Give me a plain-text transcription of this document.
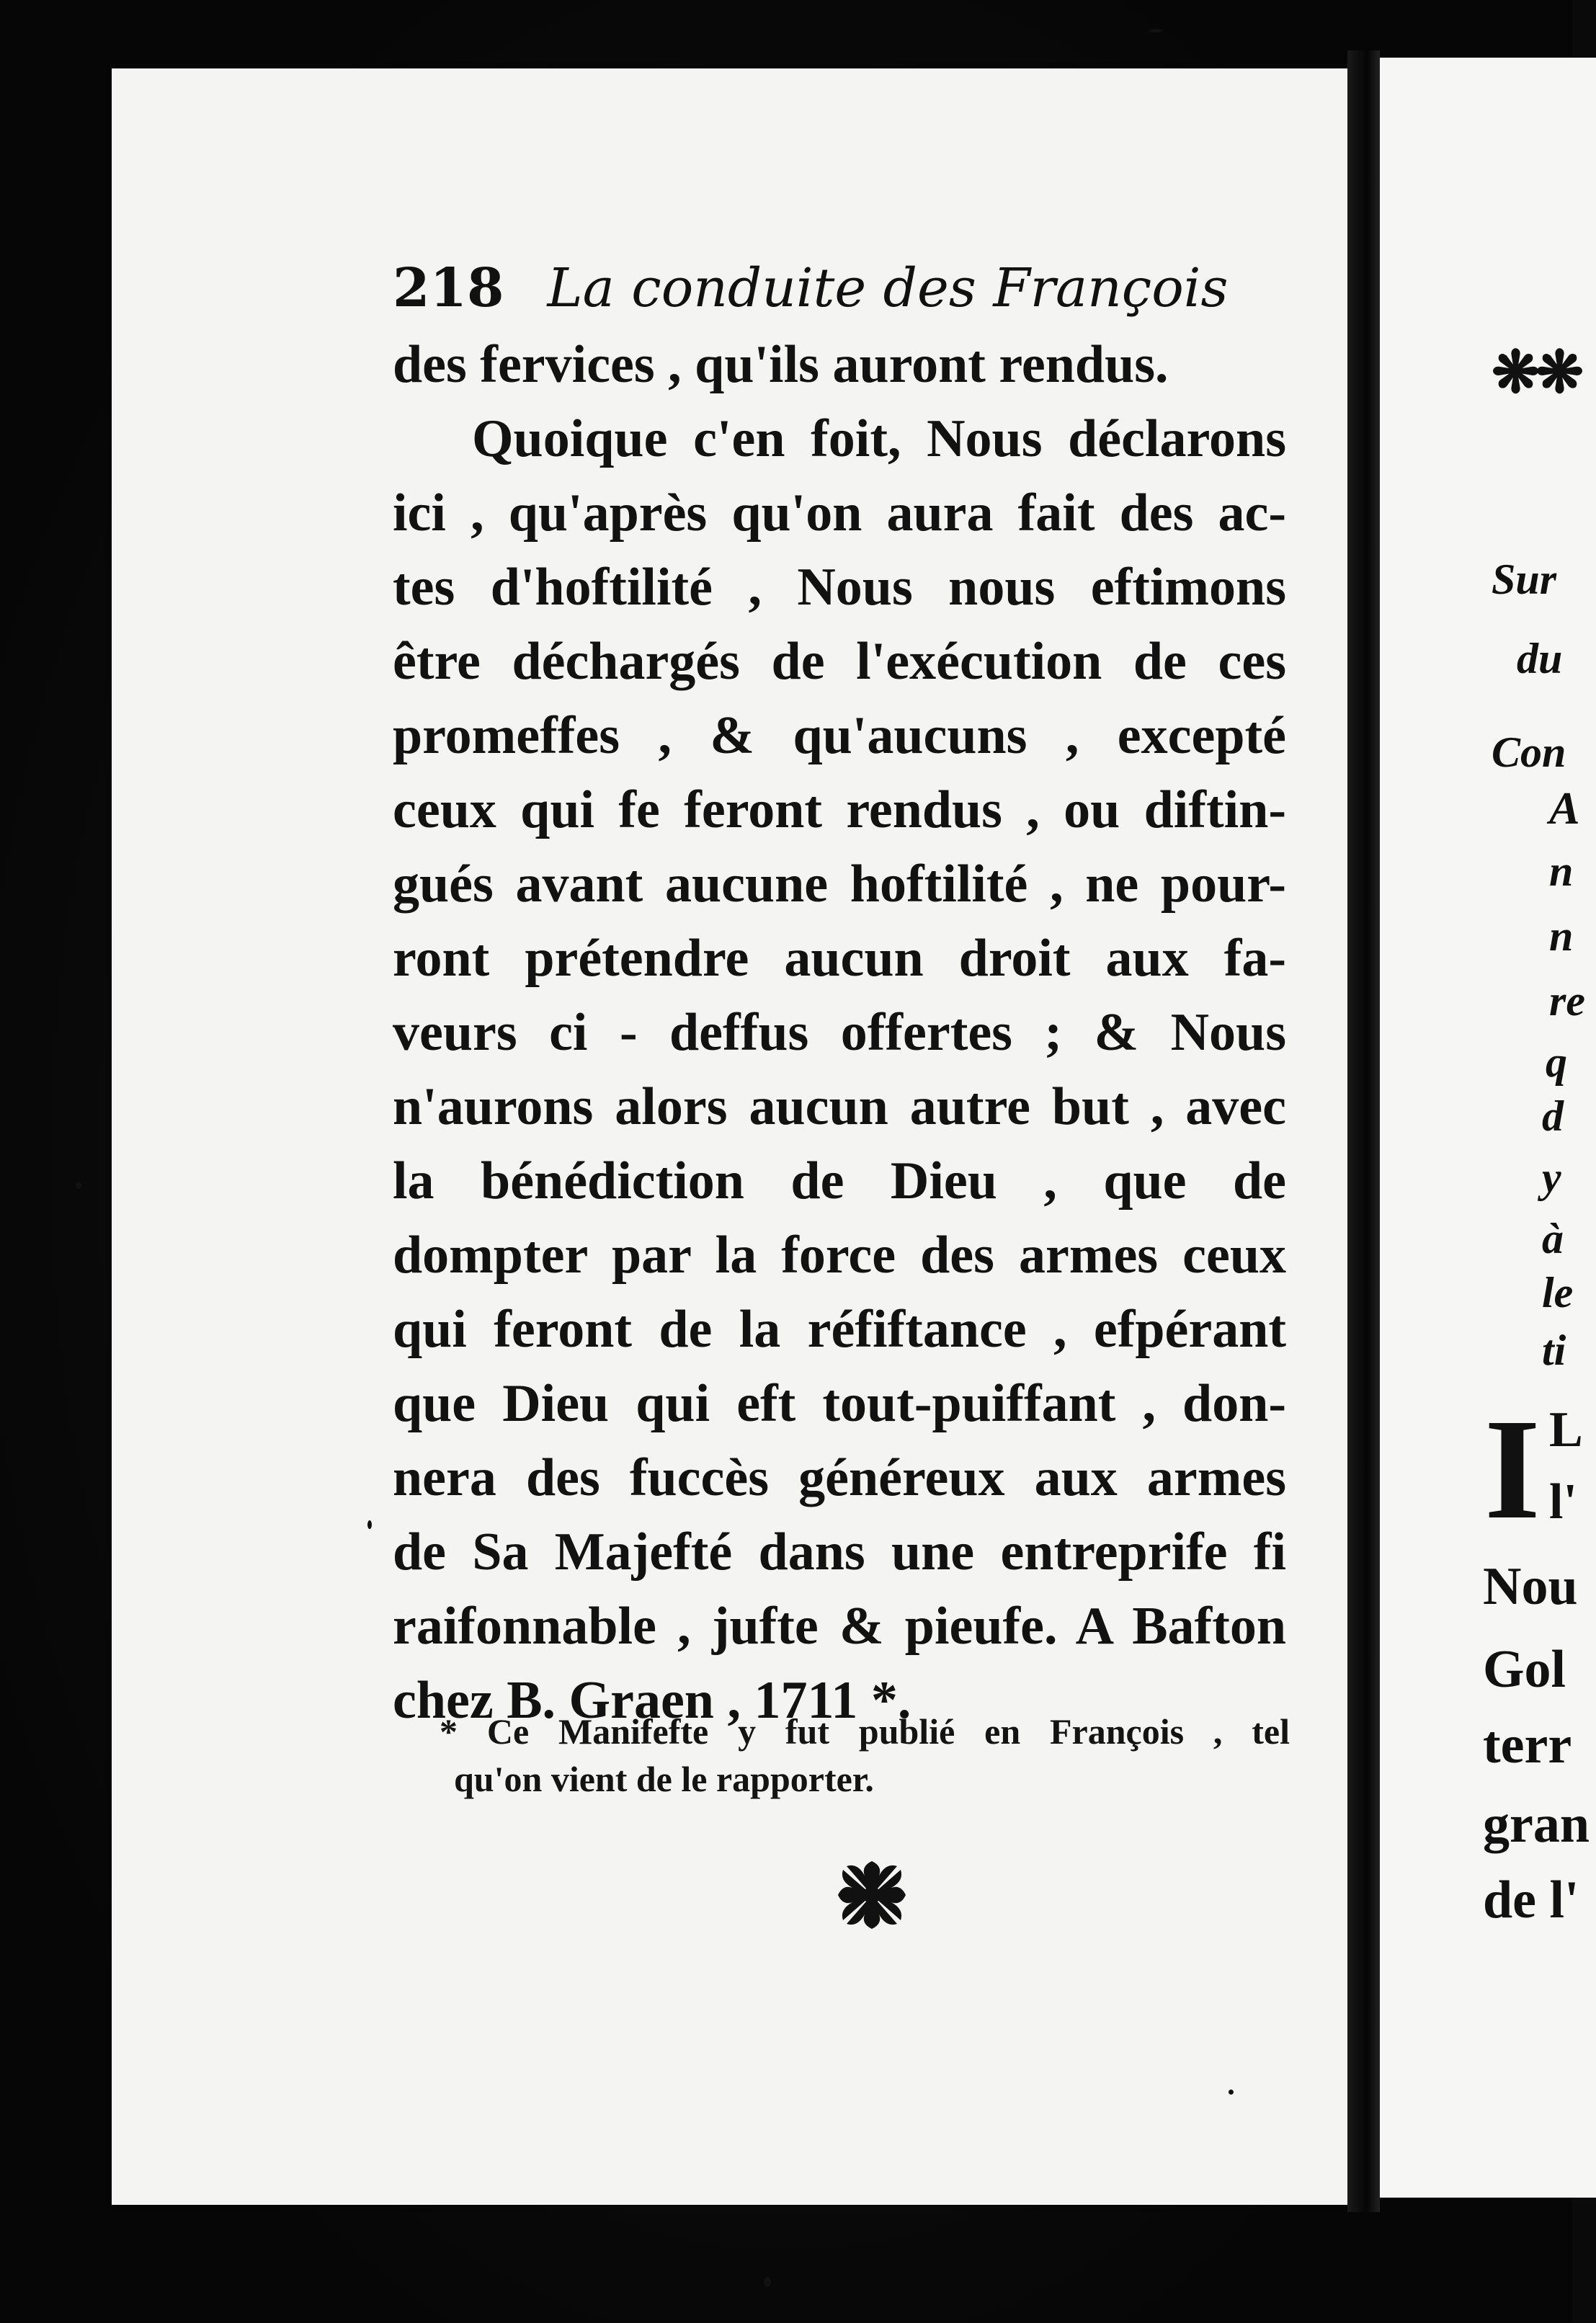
218 La conduite des François
des fervices , qu'ils auront rendus.
Quoique c'en foit, Nous déclarons
ici , qu'après qu'on aura fait des ac-
tes d'hoftilité , Nous nous eftimons
être déchargés de l'exécution de ces
promeffes , & qu'aucuns , excepté
ceux qui fe feront rendus , ou diftin-
gués avant aucune hoftilité , ne pour-
ront prétendre aucun droit aux fa-
veurs ci - deffus offertes ; & Nous
n'aurons alors aucun autre but , avec
la bénédiction de Dieu , que de
dompter par la force des armes ceux
qui feront de la réfiftance , efpérant
que Dieu qui eft tout-puiffant , don-
nera des fuccès généreux aux armes
de Sa Majefté dans une entreprife fi
raifonnable , jufte & pieufe. A Bafton
chez B. Graen , 1711 *.
* Ce Manifefte y fut publié en François , tel
qu'on vient de le rapporter.
❋❋
Sur
du
Con
A
n
n
re
q
d
y
à
le
ti
I L
l'
Nou
Gol
terr
gran
de l'
